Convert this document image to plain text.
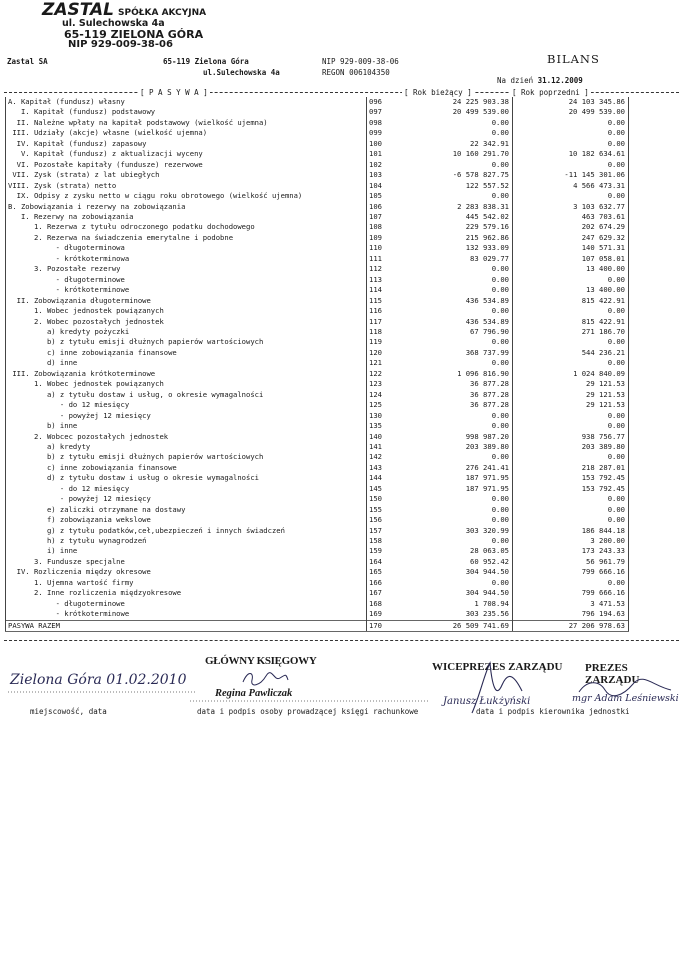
ZASTAL SPÓŁKA AKCYJNA
ul. Sulechowska 4a
65-119 ZIELONA GÓRA
NIP 929-009-38-06
Zastal SA	65-119 Zielona Góra
ul.Sulechowska 4a
NIP 929-009-38-06
REGON 006104350
BILANS
Na dzień 31.12.2009
[ P A S Y W A ]	[ Rok bieżący ]	[ Rok poprzedni ]
A. Kapitał (fundusz) własny	096	24 225 903.38	24 103 345.86
I. Kapitał (fundusz) podstawowy	097	20 499 539.00	20 499 539.00
II. Należne wpłaty na kapitał podstawowy (wielkość ujemna)	098	0.00	0.00
III. Udziały (akcje) własne (wielkość ujemna)	099	0.00	0.00
IV. Kapitał (fundusz) zapasowy	100	22 342.91	0.00
V. Kapitał (fundusz) z aktualizacji wyceny	101	10 160 291.70	10 182 634.61
VI. Pozostałe kapitały (fundusze) rezerwowe	102	0.00	0.00
VII. Zysk (strata) z lat ubiegłych	103	-6 578 827.75	-11 145 301.06
VIII. Zysk (strata) netto	104	122 557.52	4 566 473.31
IX. Odpisy z zysku netto w ciągu roku obrotowego (wielkość ujemna)	105	0.00	0.00
B. Zobowiązania i rezerwy na zobowiązania	106	2 283 838.31	3 103 632.77
I. Rezerwy na zobowiązania	107	445 542.02	463 703.61
1. Rezerwa z tytułu odroczonego podatku dochodowego	108	229 579.16	202 674.29
2. Rezerwa na świadczenia emerytalne i podobne	109	215 962.86	247 629.32
- długoterminowa	110	132 933.09	140 571.31
- krótkoterminowa	111	83 029.77	107 058.01
3. Pozostałe rezerwy	112	0.00	13 400.00
- długoterminowe	113	0.00	0.00
- krótkoterminowe	114	0.00	13 400.00
II. Zobowiązania długoterminowe	115	436 534.89	815 422.91
1. Wobec jednostek powiązanych	116	0.00	0.00
2. Wobec pozostałych jednostek	117	436 534.89	815 422.91
a) kredyty pożyczki	118	67 796.90	271 186.70
b) z tytułu emisji dłużnych papierów wartościowych	119	0.00	0.00
c) inne zobowiązania finansowe	120	368 737.99	544 236.21
d) inne	121	0.00	0.00
III. Zobowiązania krótkoterminowe	122	1 096 816.90	1 024 840.09
1. Wobec jednostek powiązanych	123	36 877.28	29 121.53
a) z tytułu dostaw i usług, o okresie wymagalności	124	36 877.28	29 121.53
- do 12 miesięcy	125	36 877.28	29 121.53
- powyżej 12 miesięcy	130	0.00	0.00
b) inne	135	0.00	0.00
2. Wobcec pozostałych jednostek	140	998 987.20	938 756.77
a) kredyty	141	203 389.80	203 389.80
b) z tytułu emisji dłużnych papierów wartościowych	142	0.00	0.00
c) inne zobowiązania finansowe	143	276 241.41	218 287.01
d) z tytułu dostaw i usług o okresie wymagalności	144	187 971.95	153 792.45
- do 12 miesięcy	145	187 971.95	153 792.45
- powyżej 12 miesięcy	150	0.00	0.00
e) zaliczki otrzymane na dostawy	155	0.00	0.00
f) zobowiązania wekslowe	156	0.00	0.00
g) z tytułu podatków,ceł,ubezpieczeń i innych świadczeń	157	303 320.99	186 844.18
h) z tytułu wynagrodzeń	158	0.00	3 200.00
i) inne	159	28 063.05	173 243.33
3. Fundusze specjalne	164	60 952.42	56 961.79
IV. Rozliczenia między okresowe	165	304 944.50	799 666.16
1. Ujemna wartość firmy	166	0.00	0.00
2. Inne rozliczenia międzyokresowe	167	304 944.50	799 666.16
- długoterminowe	168	1 708.94	3 471.53
- krótkoterminowe	169	303 235.56	796 194.63
PASYWA RAZEM	170	26 509 741.69	27 206 978.63
Zielona Góra 01.02.2010
miejscowość, data
GŁÓWNY KSIĘGOWY
Regina Pawliczak
data i podpis osoby prowadzącej księgi rachunkowe
WICEPREZES ZARZĄDU
Janusz Łukżyński
PREZES ZARZĄDU
mgr Adam Leśniewski
data i podpis kierownika jednostki
